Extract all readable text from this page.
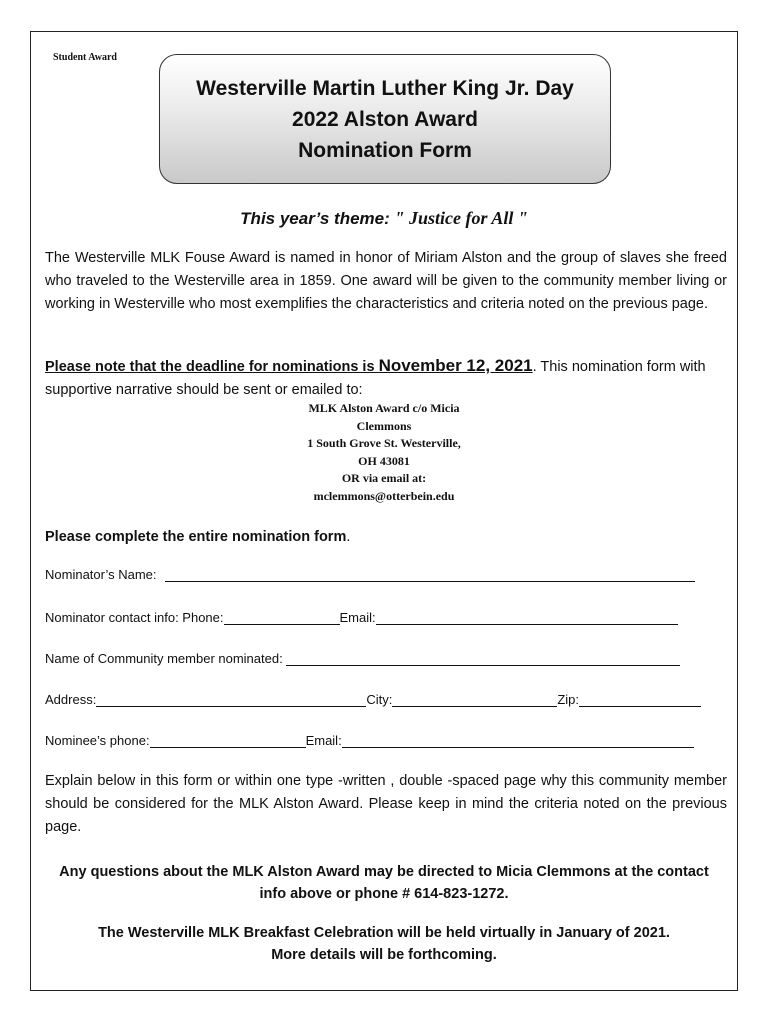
Student Award
Westerville Martin Luther King Jr. Day
2022 Alston Award
Nomination Form
This year’s theme: " Justice for All "
The Westerville MLK Fouse Award is named in honor of Miriam Alston and the group of slaves she freed who traveled to the Westerville area in 1859. One award will be given to the community member living or working in Westerville who most exemplifies the characteristics and criteria noted on the previous page.
Please note that the deadline for nominations is November 12, 2021. This nomination form with supportive narrative should be sent or emailed to:
MLK Alston Award c/o Micia
Clemmons
1 South Grove St. Westerville,
OH 43081
OR via email at:
mclemmons@otterbein.edu
Please complete the entire nomination form.
Nominator’s Name:
Nominator contact info: Phone:	Email:
Name of Community member nominated:
Address:	City:	Zip:
Nominee’s phone:	Email:
Explain below in this form or within one type -written , double -spaced page why this community member should be considered for the MLK Alston Award. Please keep in mind the criteria noted on the previous page.
Any questions about the MLK Alston Award may be directed to Micia Clemmons at the contact
info above or phone # 614-823-1272.
The Westerville MLK Breakfast Celebration will be held virtually in January of 2021.
More details will be forthcoming.
